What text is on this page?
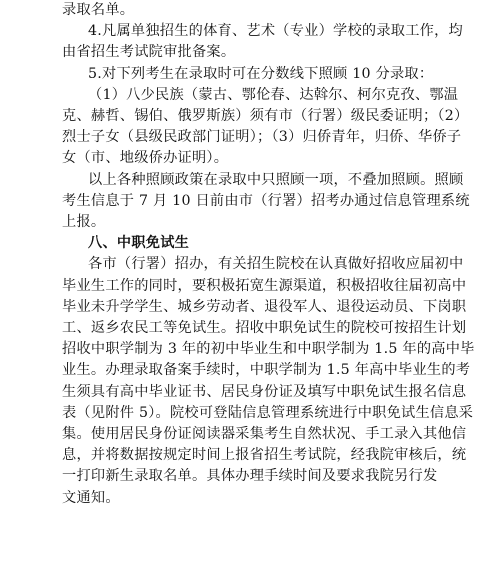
录取名单。
4.凡属单独招生的体育、艺术（专业）学校的录取工作，均
由省招生考试院审批备案。
5.对下列考生在录取时可在分数线下照顾 10 分录取：
（1）八少民族（蒙古、鄂伦春、达斡尔、柯尔克孜、鄂温
克、赫哲、锡伯、俄罗斯族）须有市（行署）级民委证明；（2）
烈士子女（县级民政部门证明）；（3）归侨青年，归侨、华侨子
女（市、地级侨办证明）。
以上各种照顾政策在录取中只照顾一项，不叠加照顾。照顾
考生信息于 7 月 10 日前由市（行署）招考办通过信息管理系统
上报。
八、中职免试生
各市（行署）招办，有关招生院校在认真做好招收应届初中
毕业生工作的同时，要积极拓宽生源渠道，积极招收往届初高中
毕业未升学学生、城乡劳动者、退役军人、退役运动员、下岗职
工、返乡农民工等免试生。招收中职免试生的院校可按招生计划
招收中职学制为 3 年的初中毕业生和中职学制为 1.5 年的高中毕
业生。办理录取备案手续时，中职学制为 1.5 年高中毕业生的考
生须具有高中毕业证书、居民身份证及填写中职免试生报名信息
表（见附件 5）。院校可登陆信息管理系统进行中职免试生信息采
集。使用居民身份证阅读器采集考生自然状况、手工录入其他信
息，并将数据按规定时间上报省招生考试院，经我院审核后，统
一打印新生录取名单。具体办理手续时间及要求我院另行发
文通知。
